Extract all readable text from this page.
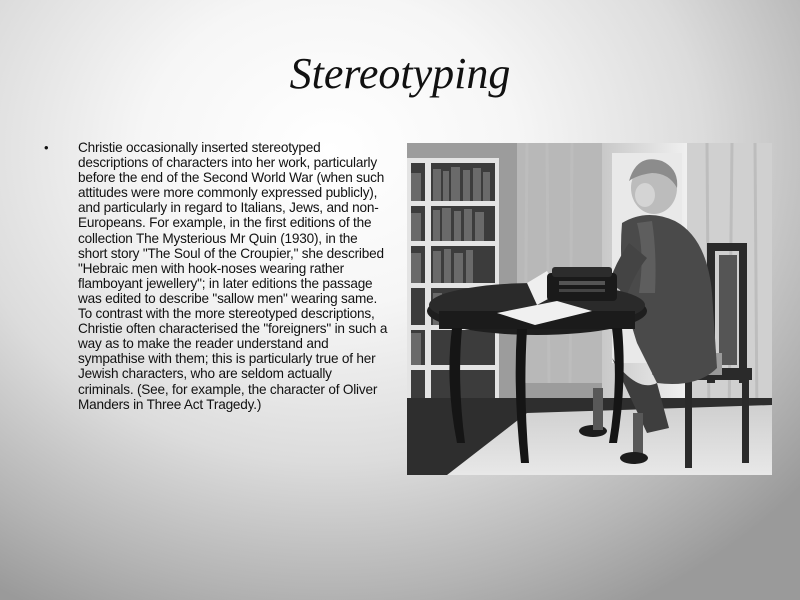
Stereotyping
• Christie occasionally inserted stereotyped descriptions of characters into her work, particularly before the end of the Second World War (when such attitudes were more commonly expressed publicly), and particularly in regard to Italians, Jews, and non-Europeans. For example, in the first editions of the collection The Mysterious Mr Quin (1930), in the short story "The Soul of the Croupier," she described "Hebraic men with hook-noses wearing rather flamboyant jewellery"; in later editions the passage was edited to describe "sallow men" wearing same. To contrast with the more stereotyped descriptions, Christie often characterised the "foreigners" in such a way as to make the reader understand and sympathise with them; this is particularly true of her Jewish characters, who are seldom actually criminals. (See, for example, the character of Oliver Manders in Three Act Tragedy.)
